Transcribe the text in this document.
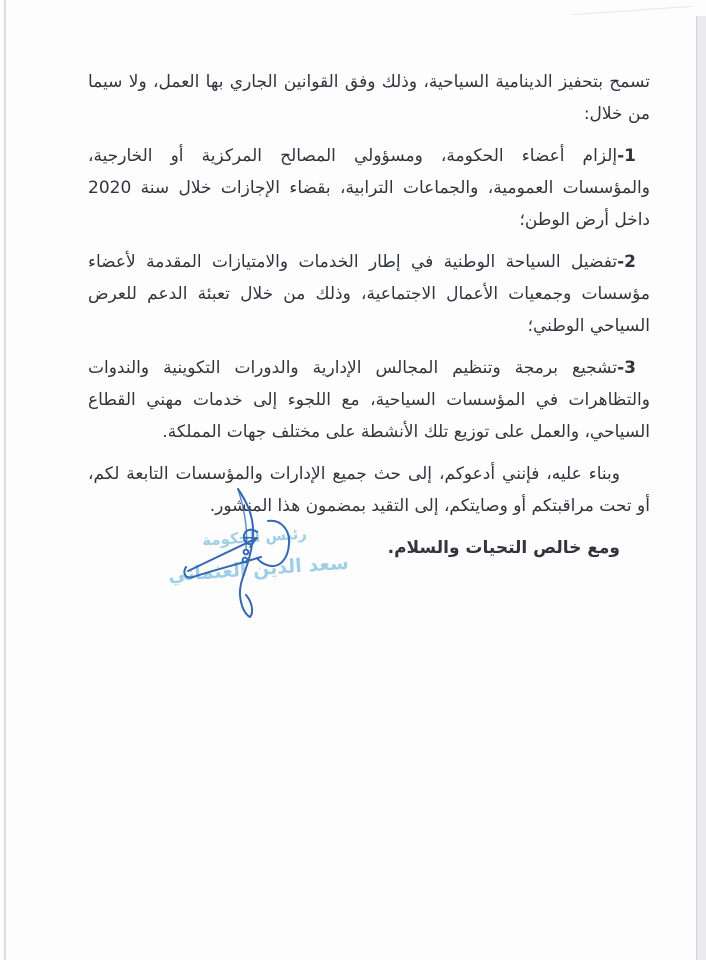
تسمح بتحفيز الدينامية السياحية، وذلك وفق القوانين الجاري بها العمل، ولا سيما من خلال:

1-إلزام أعضاء الحكومة، ومسؤولي المصالح المركزية أو الخارجية، والمؤسسات العمومية، والجماعات الترابية، بقضاء الإجازات خلال سنة 2020 داخل أرض الوطن؛

2-تفضيل السياحة الوطنية في إطار الخدمات والامتيازات المقدمة لأعضاء مؤسسات وجمعيات الأعمال الاجتماعية، وذلك من خلال تعبئة الدعم للعرض السياحي الوطني؛

3-تشجيع برمجة وتنظيم المجالس الإدارية والدورات التكوينية والندوات والتظاهرات في المؤسسات السياحية، مع اللجوء إلى خدمات مهني القطاع السياحي، والعمل على توزيع تلك الأنشطة على مختلف جهات المملكة.

وبناء عليه، فإنني أدعوكم، إلى حث جميع الإدارات والمؤسسات التابعة لكم، أو تحت مراقبتكم أو وصايتكم، إلى التقيد بمضمون هذا المنشور.

ومع خالص التحيات والسلام.

رئيس الحكومة
سعد الدين العثماني
